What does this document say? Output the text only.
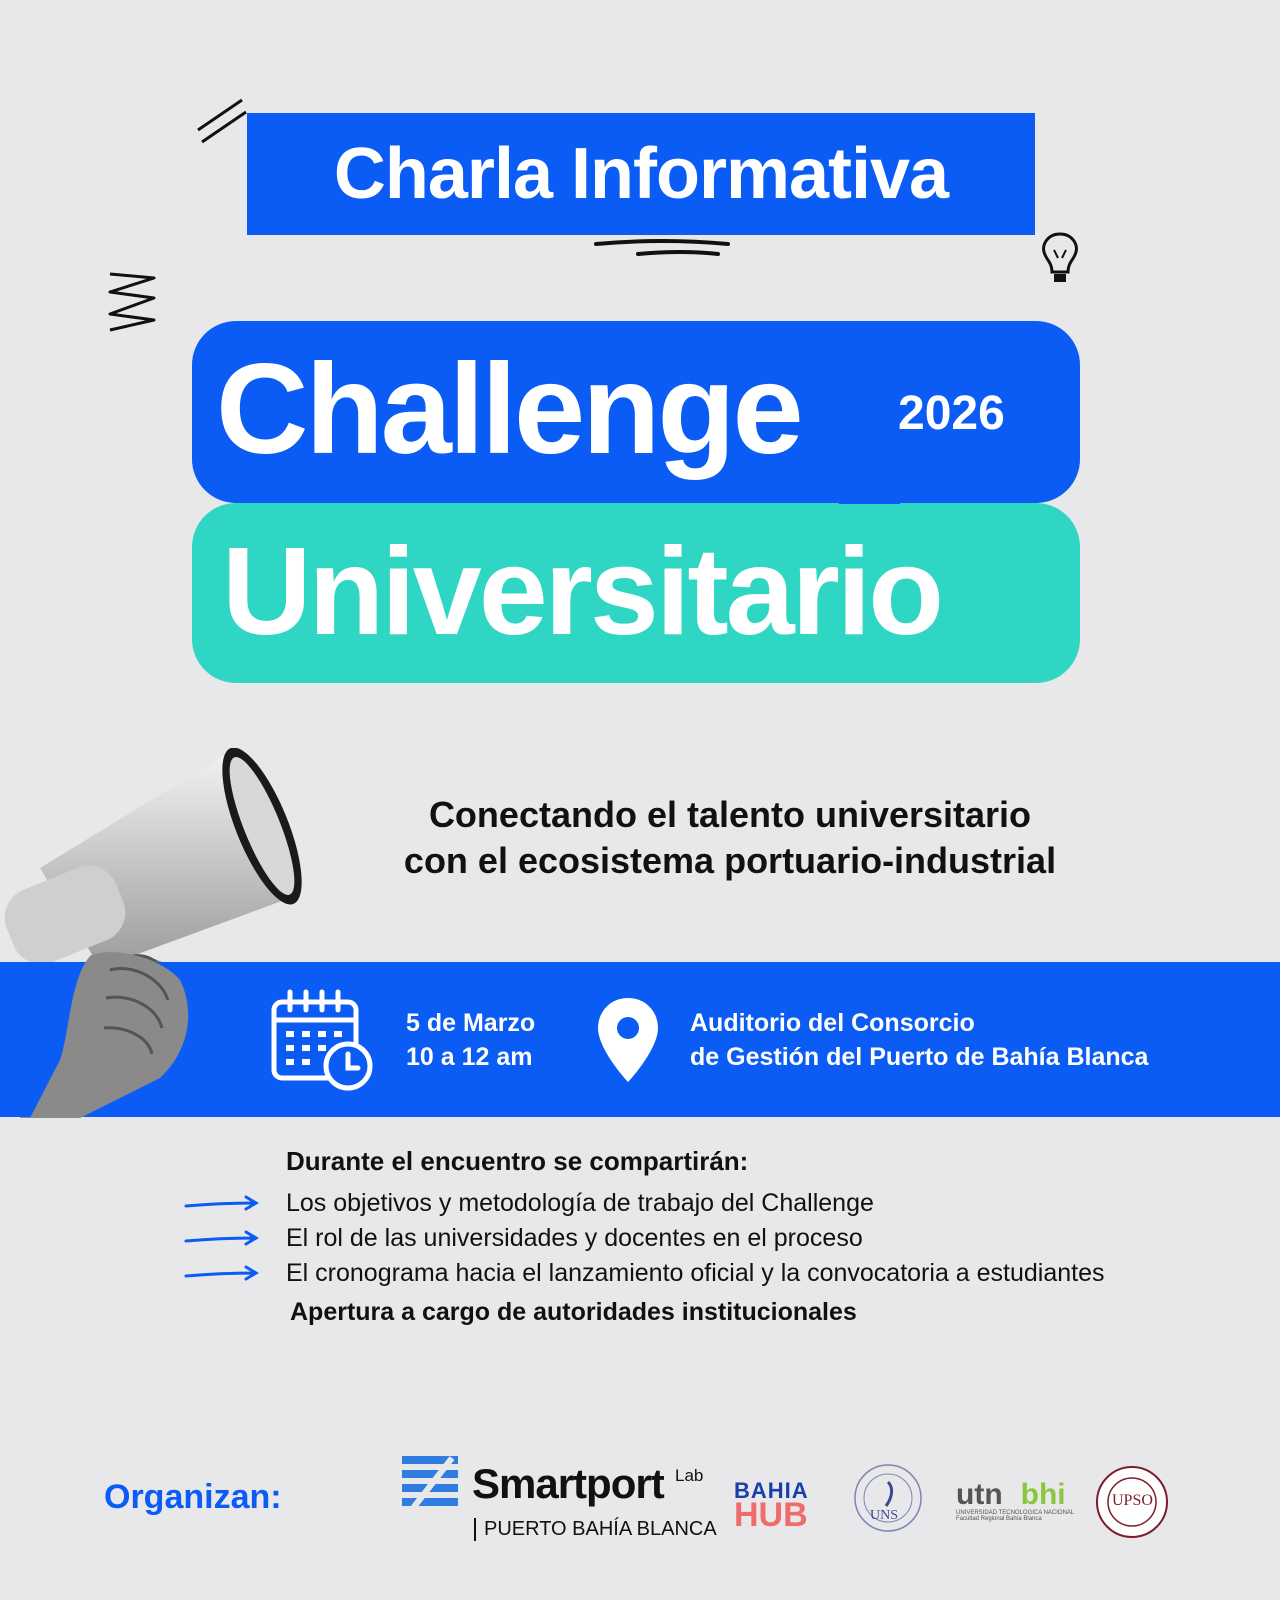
Charla Informativa
Challenge 2026
Universitario
Conectando el talento universitario
con el ecosistema portuario-industrial
5 de Marzo
10 a 12 am
Auditorio del Consorcio
de Gestión del Puerto de Bahía Blanca
Durante el encuentro se compartirán:
Los objetivos y metodología de trabajo del Challenge
El rol de las universidades y docentes en el proceso
El cronograma hacia el lanzamiento oficial y la convocatoria a estudiantes
Apertura a cargo de autoridades institucionales
Organizan:	Smartport Lab
PUERTO BAHÍA BLANCA
BAHIA
HUB	UNS
utn bhi
UNIVERSIDAD TECNOLOGICA NACIONAL Facultad Regional Bahía Blanca
UPSO
